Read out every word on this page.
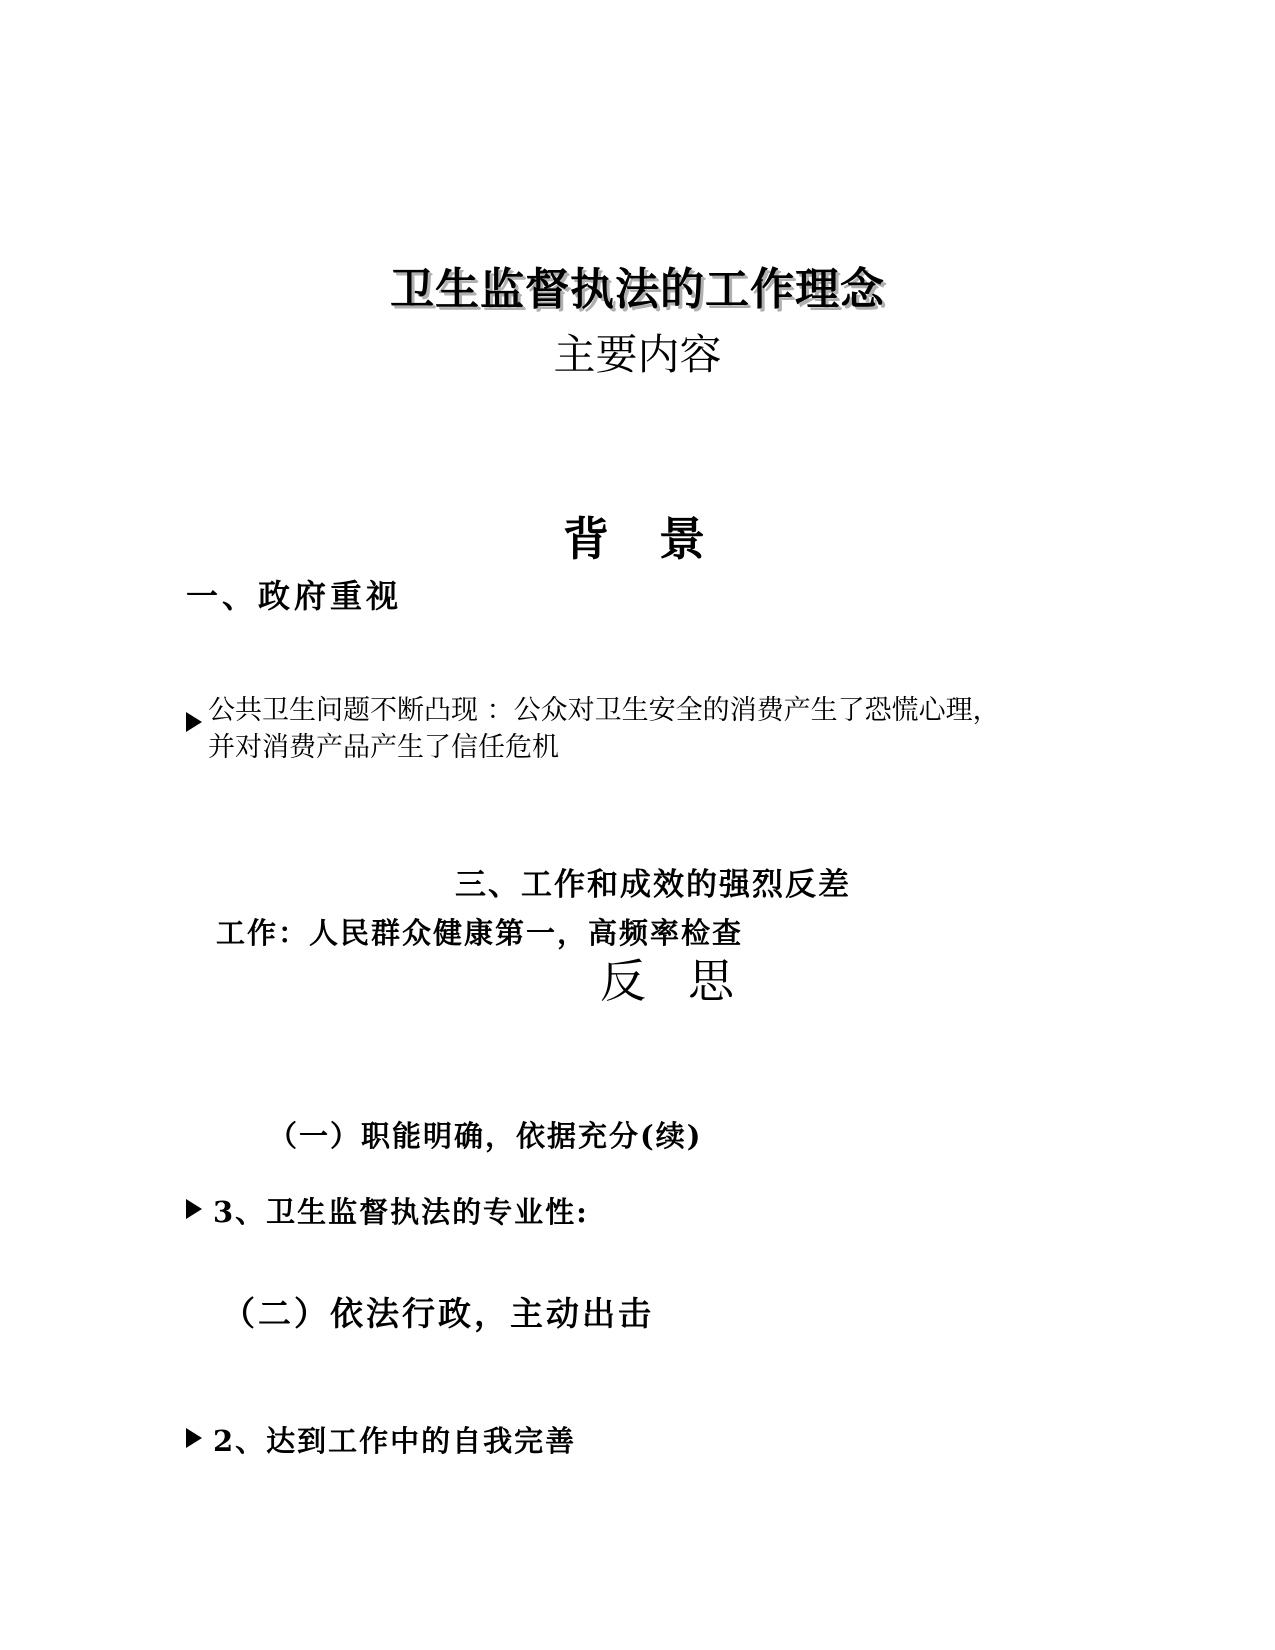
卫生监督执法的工作理念
主要内容
背景
一、政府重视
公共卫生问题不断凸现 ：公众对卫生安全的消费产生了恐慌心理，
并对消费产品产生了信任危机
三、工作和成效的强烈反差
工作：人民群众健康第一，高频率检查
反思
（一）职能明确，依据充分(续)
3、卫生监督执法的专业性:
（二）依法行政，主动出击
2、达到工作中的自我完善
